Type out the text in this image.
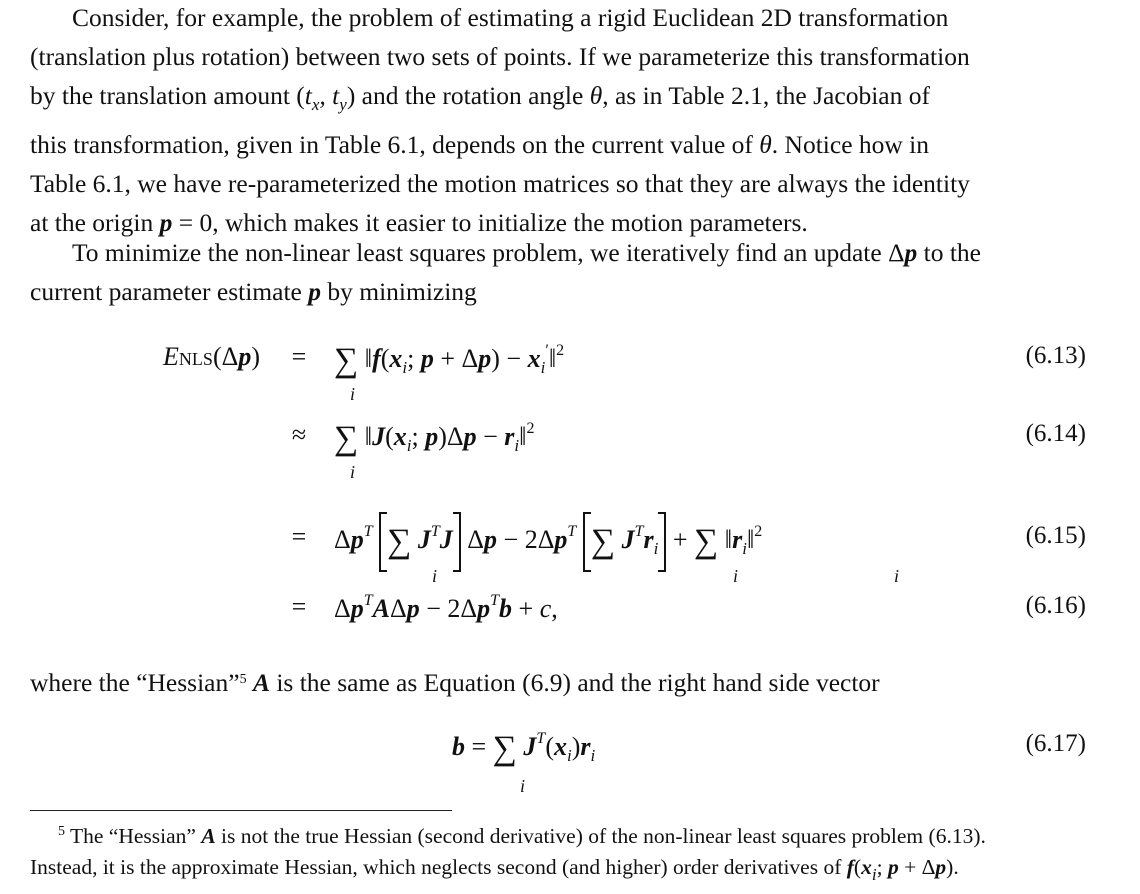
Consider, for example, the problem of estimating a rigid Euclidean 2D transformation
(translation plus rotation) between two sets of points. If we parameterize this transformation
by the translation amount ($t_x$, $t_y$) and the rotation angle θ, as in Table 2.1, the Jacobian of
this transformation, given in Table 6.1, depends on the current value of θ. Notice how in
Table 6.1, we have re-parameterized the motion matrices so that they are always the identity
at the origin p = 0, which makes it easier to initialize the motion parameters.
To minimize the non-linear least squares problem, we iteratively find an update Δp to the
current parameter estimate p by minimizing
ENLS(Δp) = ∑ $‖f(x_i$; $p + \Delta p) - x_i'‖^2$
i
(6.13)
≈ ∑ $‖J(x_i$; $p)\Delta p - r_i‖^2$
i
(6.14)
= $\Delta p^T$ ∑ $J^TJ$ $\Delta p - 2\Delta p^T$ ∑ $J^Tr_i$ + ∑ $‖r_i‖^2$
i	i	i
(6.15)
= $\Delta p^TA\Delta p - 2\Delta p^Tb + c$,	(6.16)
where the “Hessian”$^5$ A is the same as Equation (6.9) and the right hand side vector
b = ∑ $J^T(x_i)r_i$
i
(6.17)
$^5$ The “Hessian” A is not the true Hessian (second derivative) of the non-linear least squares problem (6.13).
Instead, it is the approximate Hessian, which neglects second (and higher) order derivatives of $f(x_i$; p + Δp).
